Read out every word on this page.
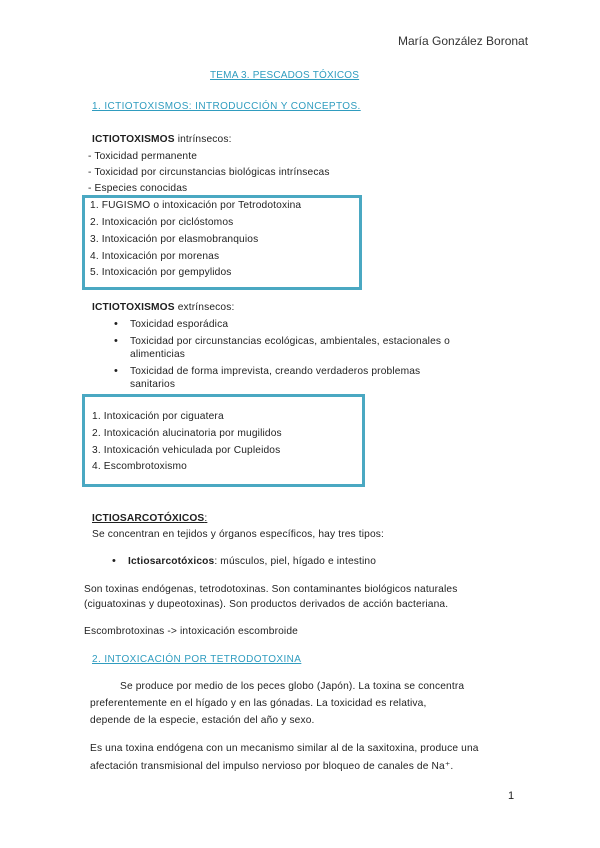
María González Boronat
TEMA 3. PESCADOS TÓXICOS
1. ICTIOTOXISMOS: INTRODUCCIÓN Y CONCEPTOS.
ICTIOTOXISMOS intrínsecos:
- Toxicidad permanente
- Toxicidad por circunstancias biológicas intrínsecas
- Especies conocidas
1. FUGISMO o intoxicación por Tetrodotoxina
2. Intoxicación por ciclóstomos
3. Intoxicación por elasmobranquios
4. Intoxicación por morenas
5. Intoxicación por gempylidos
ICTIOTOXISMOS extrínsecos:
• Toxicidad esporádica
• Toxicidad por circunstancias ecológicas, ambientales, estacionales o
alimenticias
• Toxicidad de forma imprevista, creando verdaderos problemas
sanitarios
1. Intoxicación por ciguatera
2. Intoxicación alucinatoria por mugilidos
3. Intoxicación vehiculada por Cupleidos
4. Escombrotoxismo
ICTIOSARCOTÓXICOS:
Se concentran en tejidos y órganos específicos, hay tres tipos:
• Ictiosarcotóxicos: músculos, piel, hígado e intestino
Son toxinas endógenas, tetrodotoxinas. Son contaminantes biológicos naturales
(ciguatoxinas y dupeotoxinas). Son productos derivados de acción bacteriana.
Escombrotoxinas -> intoxicación escombroide
2. INTOXICACIÓN POR TETRODOTOXINA
Se produce por medio de los peces globo (Japón). La toxina se concentra
preferentemente en el hígado y en las gónadas. La toxicidad es relativa,
depende de la especie, estación del año y sexo.
Es una toxina endógena con un mecanismo similar al de la saxitoxina, produce una
afectación transmisional del impulso nervioso por bloqueo de canales de Na⁺.
1
